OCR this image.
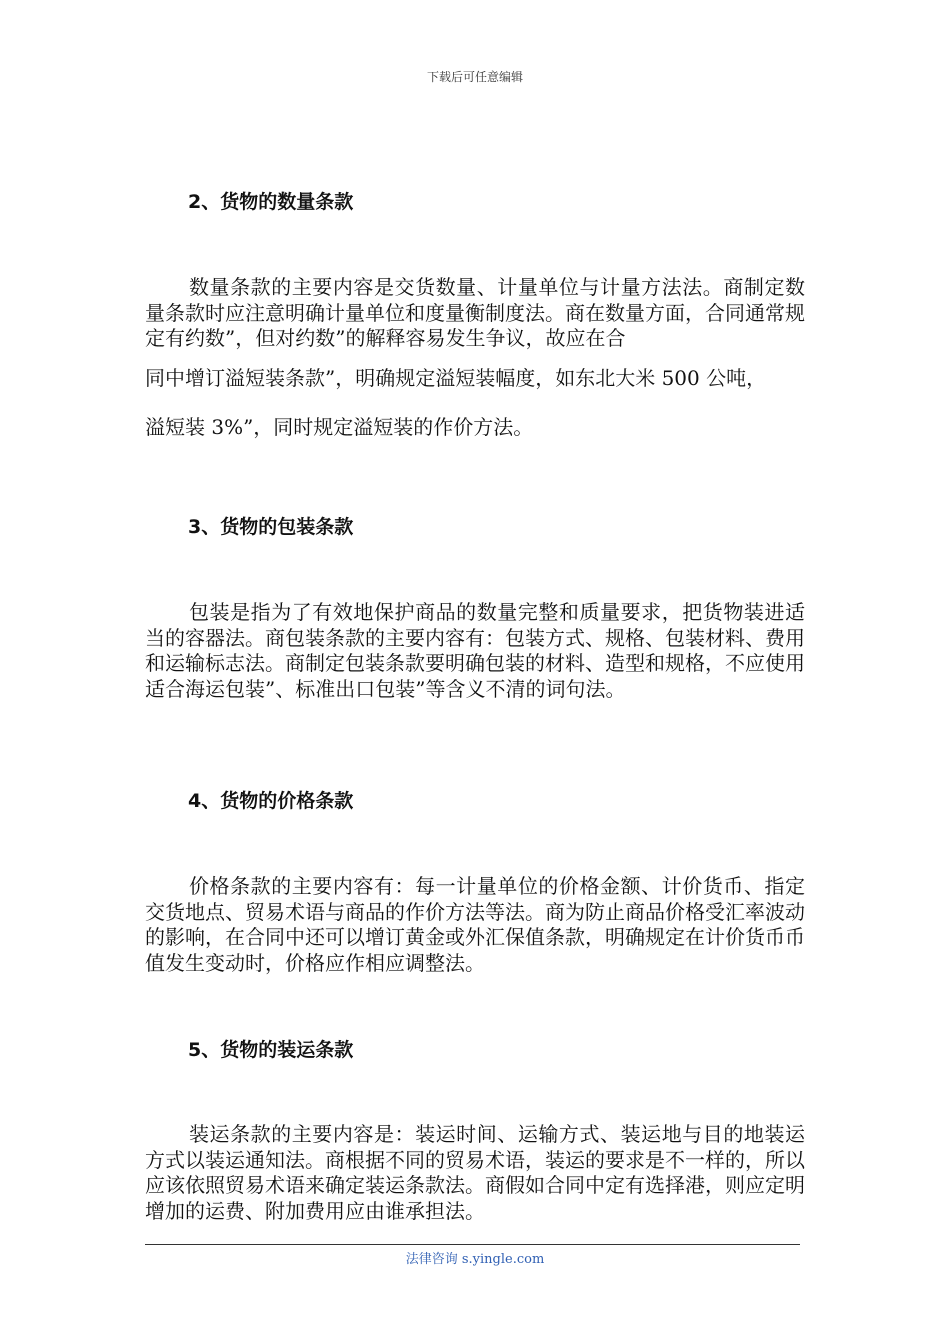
下载后可任意编辑
2、货物的数量条款
数量条款的主要内容是交货数量、计量单位与计量方法法。商制定数量条款时应注意明确计量单位和度量衡制度法。商在数量方面，合同通常规定有约数”，但对约数”的解释容易发生争议，故应在合
同中增订溢短装条款”，明确规定溢短装幅度，如东北大米 500 公吨，
溢短装 3%”，同时规定溢短装的作价方法。
3、货物的包装条款
包装是指为了有效地保护商品的数量完整和质量要求，把货物装进适当的容器法。商包装条款的主要内容有：包装方式、规格、包装材料、费用和运输标志法。商制定包装条款要明确包装的材料、造型和规格，不应使用适合海运包装”、标准出口包装”等含义不清的词句法。
4、货物的价格条款
价格条款的主要内容有：每一计量单位的价格金额、计价货币、指定交货地点、贸易术语与商品的作价方法等法。商为防止商品价格受汇率波动的影响，在合同中还可以增订黄金或外汇保值条款，明确规定在计价货币币值发生变动时，价格应作相应调整法。
5、货物的装运条款
装运条款的主要内容是：装运时间、运输方式、装运地与目的地装运方式以装运通知法。商根据不同的贸易术语，装运的要求是不一样的，所以应该依照贸易术语来确定装运条款法。商假如合同中定有选择港，则应定明增加的运费、附加费用应由谁承担法。
法律咨询 s.yingle.com
